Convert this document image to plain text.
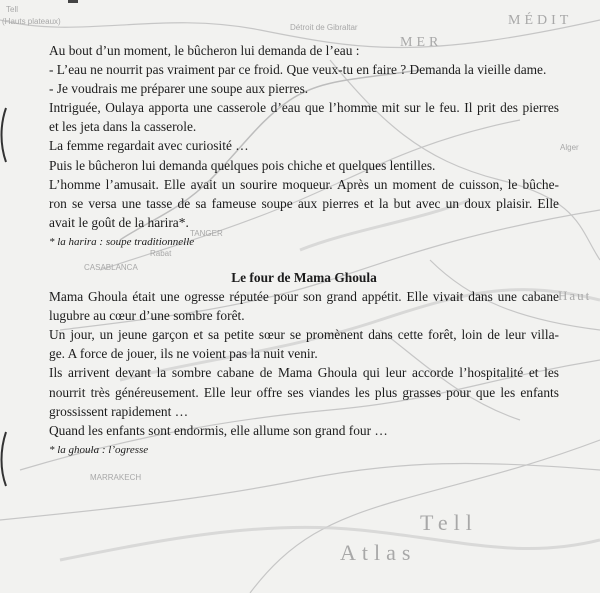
Tell
(Hauts plateaux)
MER
MÉDIT
Détroit de Gibraltar
TANGER
Rabat
CASABLANCA
MARRAKECH
Haut
Atlas
Alger
Tell
Au bout d’un moment, le bûcheron lui demanda de l’eau :
- L’eau ne nourrit pas vraiment par ce froid. Que veux-tu en faire ? Demanda la vieille dame.
- Je voudrais me préparer une soupe aux pierres.
Intriguée, Oulaya apporta une casserole d’eau que l’homme mit sur le feu. Il prit des pierres
et les jeta dans la casserole.
La femme regardait avec curiosité …
Puis le bûcheron lui demanda quelques pois chiche et quelques lentilles.
L’homme l’amusait. Elle avait un sourire moqueur. Après un moment de cuisson, le bûche-
ron se versa une tasse de sa fameuse soupe aux pierres et la but avec un doux plaisir. Elle
avait le goût de la harira*.
* la harira : soupe traditionnelle
Le four de Mama Ghoula
Mama Ghoula était une ogresse réputée pour son grand appétit. Elle vivait dans une cabane
lugubre au cœur d’une sombre forêt.
Un jour, un jeune garçon et sa petite sœur se promènent dans cette forêt, loin de leur villa-
ge. A force de jouer, ils ne voient pas la nuit venir.
Ils arrivent devant la sombre cabane de Mama Ghoula qui leur accorde l’hospitalité et les
nourrit très généreusement. Elle leur offre ses viandes les plus grasses pour que les enfants
grossissent rapidement …
Quand les enfants sont endormis, elle allume son grand four …
* la ghoula : l’ogresse
